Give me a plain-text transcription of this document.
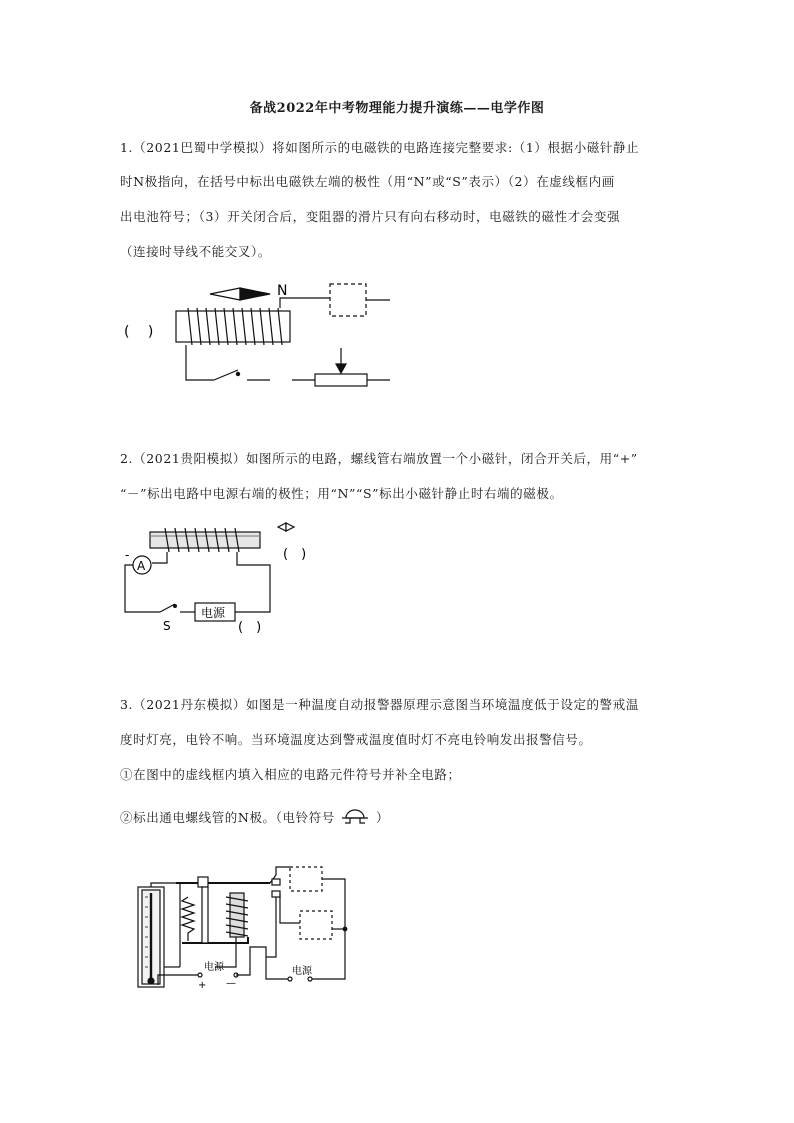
备战2022年中考物理能力提升演练——电学作图
1.（2021巴蜀中学模拟）将如图所示的电磁铁的电路连接完整要求:（1）根据小磁针静止
时N极指向，在括号中标出电磁铁左端的极性（用“N”或“S”表示）（2）在虚线框内画
出电池符号；（3）开关闭合后，变阻器的滑片只有向右移动时，电磁铁的磁性才会变强
（连接时导线不能交叉）。
N
(　 )
2.（2021贵阳模拟）如图所示的电路，螺线管右端放置一个小磁针，闭合开关后，用“+”
“－”标出电路中电源右端的极性；用“N”“S”标出小磁针静止时右端的磁极。
A
-
S
电源
(　)
(　)
3.（2021丹东模拟）如图是一种温度自动报警器原理示意图当环境温度低于设定的警戒温
度时灯亮，电铃不响。当环境温度达到警戒温度值时灯不亮电铃响发出报警信号。
①在图中的虚线框内填入相应的电路元件符号并补全电路；
②标出通电螺线管的N极。（电铃符号	）
电源	电源
+ —
